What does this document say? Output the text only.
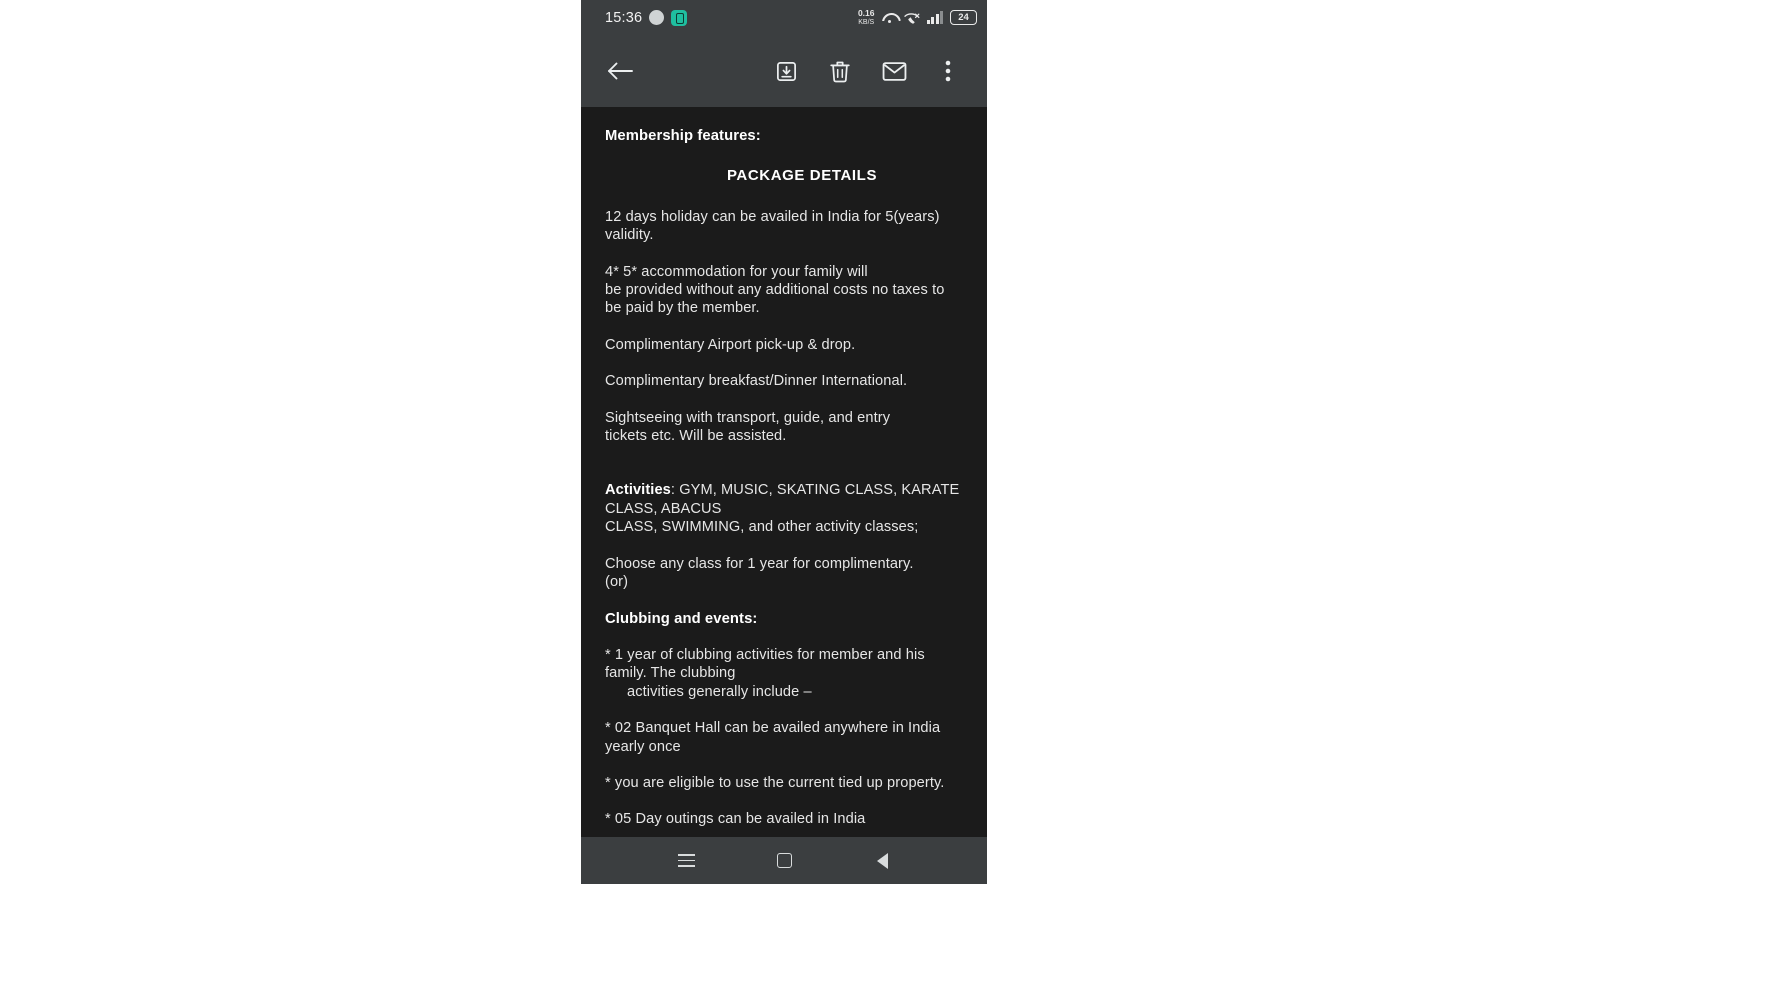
15:36	0.16
KB/S	24
Membership features:
PACKAGE DETAILS

12 days holiday can be availed in India for 5(years) validity.

4* 5* accommodation for your family will

be provided without any additional costs no taxes to

be paid by the member.

Complimentary Airport pick-up & drop.

Complimentary breakfast/Dinner International.

Sightseeing with transport, guide, and entry

tickets etc. Will be assisted.

Activities: GYM, MUSIC, SKATING CLASS, KARATE CLASS, ABACUS

CLASS, SWIMMING, and other activity classes;

Choose any class for 1 year for complimentary.

(or)

Clubbing and events:

* 1 year of clubbing activities for member and his family. The clubbing

activities generally include –

* 02 Banquet Hall can be availed anywhere in India yearly once

* you are eligible to use the current tied up property.

* 05 Day outings can be availed in India
